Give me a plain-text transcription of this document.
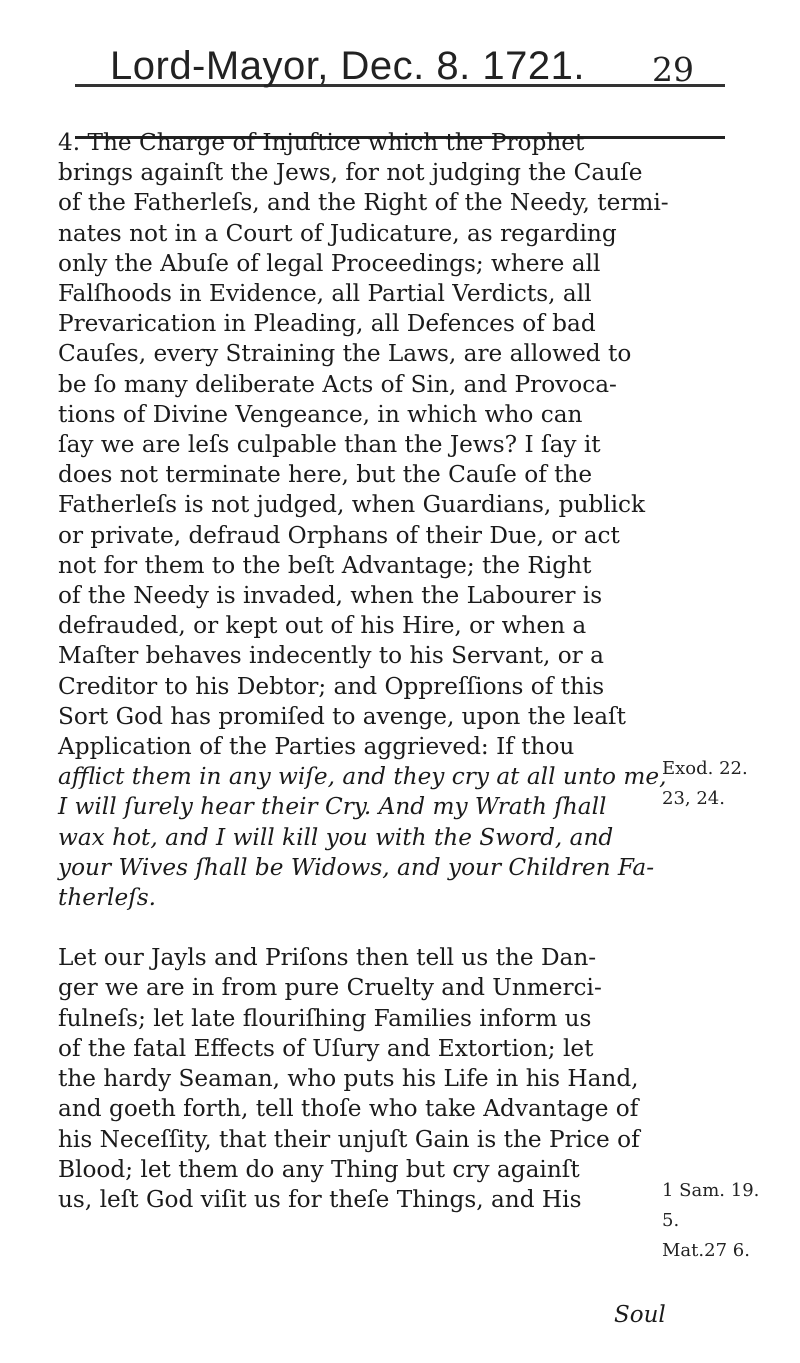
Lord-Mayor, Dec. 8. 1721. 29

4. The Charge of Injuſtice which the Prophet
brings againſt the Jews, for not judging the Cauſe
of the Fatherleſs, and the Right of the Needy, termi-
nates not in a Court of Judicature, as regarding
only the Abuſe of legal Proceedings; where all
Falſhoods in Evidence, all Partial Verdicts, all
Prevarication in Pleading, all Defences of bad
Cauſes, every Straining the Laws, are allowed to
be ſo many deliberate Acts of Sin, and Provoca-
tions of Divine Vengeance, in which who can
ſay we are leſs culpable than the Jews? I ſay it
does not terminate here, but the Cauſe of the
Fatherleſs is not judged, when Guardians, publick
or private, defraud Orphans of their Due, or act
not for them to the beſt Advantage; the Right
of the Needy is invaded, when the Labourer is
defrauded, or kept out of his Hire, or when a
Maſter behaves indecently to his Servant, or a
Creditor to his Debtor; and Oppreſſions of this
Sort God has promiſed to avenge, upon the leaſt
Application of the Parties aggrieved: If thou
afflict them in any wiſe, and they cry at all unto me,
I will ſurely hear their Cry. And my Wrath ſhall
wax hot, and I will kill you with the Sword, and
your Wives ſhall be Widows, and your Children Fa-
therleſs.

Let our Jayls and Priſons then tell us the Dan-
ger we are in from pure Cruelty and Unmerci-
fulneſs; let late flouriſhing Families inform us
of the fatal Effects of Uſury and Extortion; let
the hardy Seaman, who puts his Life in his Hand,
and goeth forth, tell thoſe who take Advantage of
his Neceſſity, that their unjuſt Gain is the Price of
Blood; let them do any Thing but cry againſt
us, leſt God viſit us for theſe Things, and His

Exod. 22.
23, 24.
1 Sam. 19.
5.
Mat.27 6.
Soul
